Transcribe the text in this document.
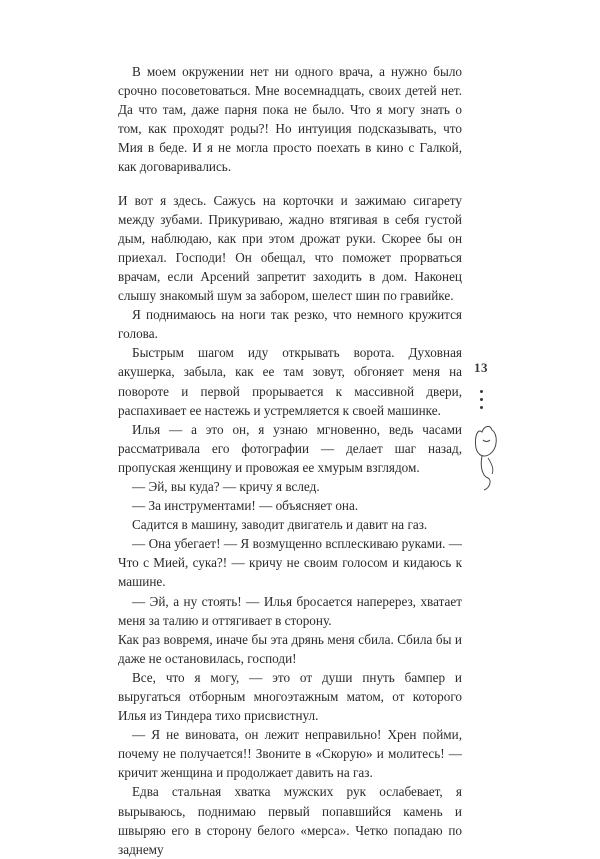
В моем окружении нет ни одного врача, а нужно было срочно посоветоваться. Мне восемнадцать, своих детей нет. Да что там, даже парня пока не было. Что я могу знать о том, как проходят роды?! Но интуиция подсказывать, что Мия в беде. И я не могла просто поехать в кино с Галкой, как договаривались.

И вот я здесь. Сажусь на корточки и зажимаю сигарету между зубами. Прикуриваю, жадно втягивая в себя густой дым, наблюдаю, как при этом дрожат руки. Скорее бы он приехал. Господи! Он обещал, что поможет прорваться врачам, если Арсений запретит заходить в дом. Наконец слышу знакомый шум за забором, шелест шин по гравийке.

Я поднимаюсь на ноги так резко, что немного кружится голова.

Быстрым шагом иду открывать ворота. Духовная акушерка, забыла, как ее там зовут, обгоняет меня на повороте и первой прорывается к массивной двери, распахивает ее настежь и устремляется к своей машинке.

Илья — а это он, я узнаю мгновенно, ведь часами рассматривала его фотографии — делает шаг назад, пропуская женщину и провожая ее хмурым взглядом.

— Эй, вы куда? — кричу я вслед.

— За инструментами! — объясняет она.

Садится в машину, заводит двигатель и давит на газ.

— Она убегает! — Я возмущенно всплескиваю руками. — Что с Мией, сука?! — кричу не своим голосом и кидаюсь к машине.

— Эй, а ну стоять! — Илья бросается наперерез, хватает меня за талию и оттягивает в сторону.

Как раз вовремя, иначе бы эта дрянь меня сбила. Сбила бы и даже не остановилась, господи!

Все, что я могу, — это от души пнуть бампер и выругаться отборным многоэтажным матом, от которого Илья из Тиндера тихо присвистнул.

— Я не виновата, он лежит неправильно! Хрен пойми, почему не получается!! Звоните в «Скорую» и молитесь! — кричит женщина и продолжает давить на газ.

Едва стальная хватка мужских рук ослабевает, я вырываюсь, поднимаю первый попавшийся камень и швыряю его в сторону белого «мерса». Четко попадаю по заднему

13
